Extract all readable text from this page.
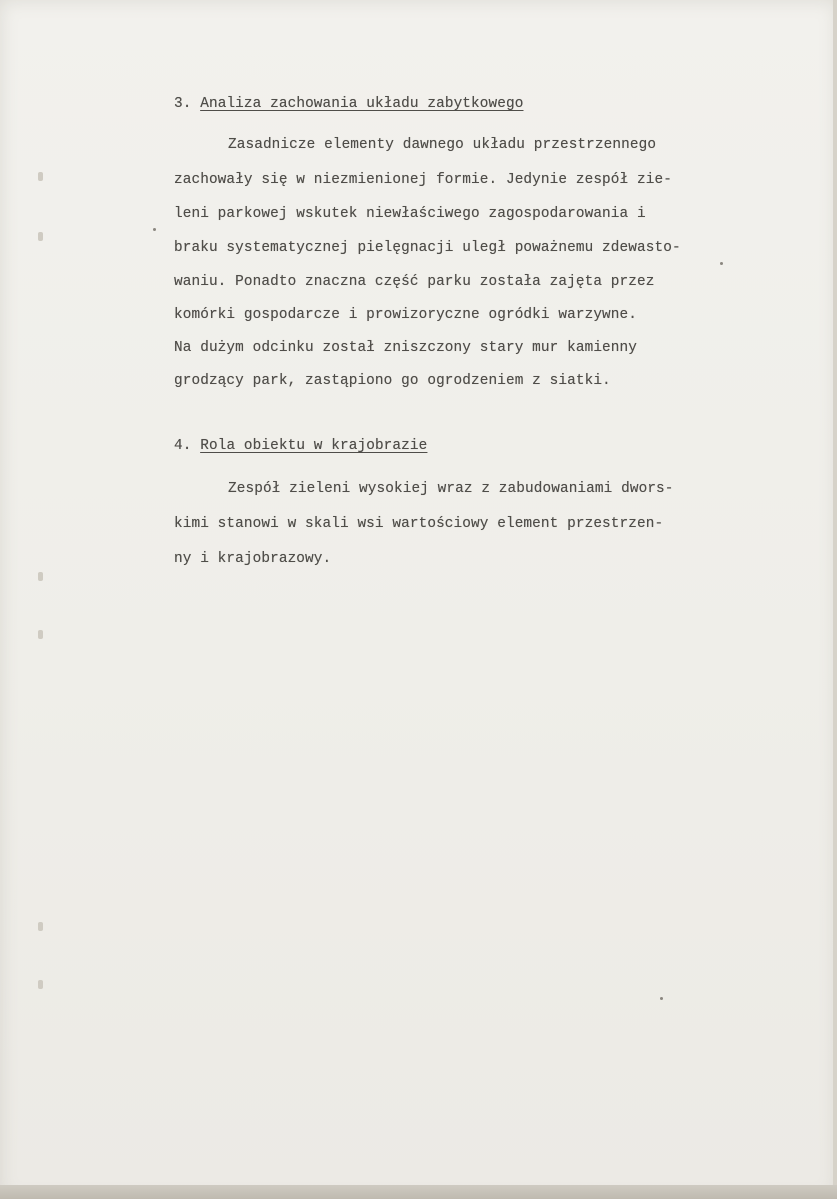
3. Analiza zachowania układu zabytkowego
Zasadnicze elementy dawnego układu przestrzennego
zachowały się w niezmienionej formie. Jedynie zespół zie-
leni parkowej wskutek niewłaściwego zagospodarowania i
braku systematycznej pielęgnacji uległ poważnemu zdewasto-
waniu. Ponadto znaczna część parku została zajęta przez
komórki gospodarcze i prowizoryczne ogródki warzywne.
Na dużym odcinku został zniszczony stary mur kamienny
grodzący park, zastąpiono go ogrodzeniem z siatki.
4. Rola obiektu w krajobrazie
Zespół zieleni wysokiej wraz z zabudowaniami dwors-
kimi stanowi w skali wsi wartościowy element przestrzen-
ny i krajobrazowy.
